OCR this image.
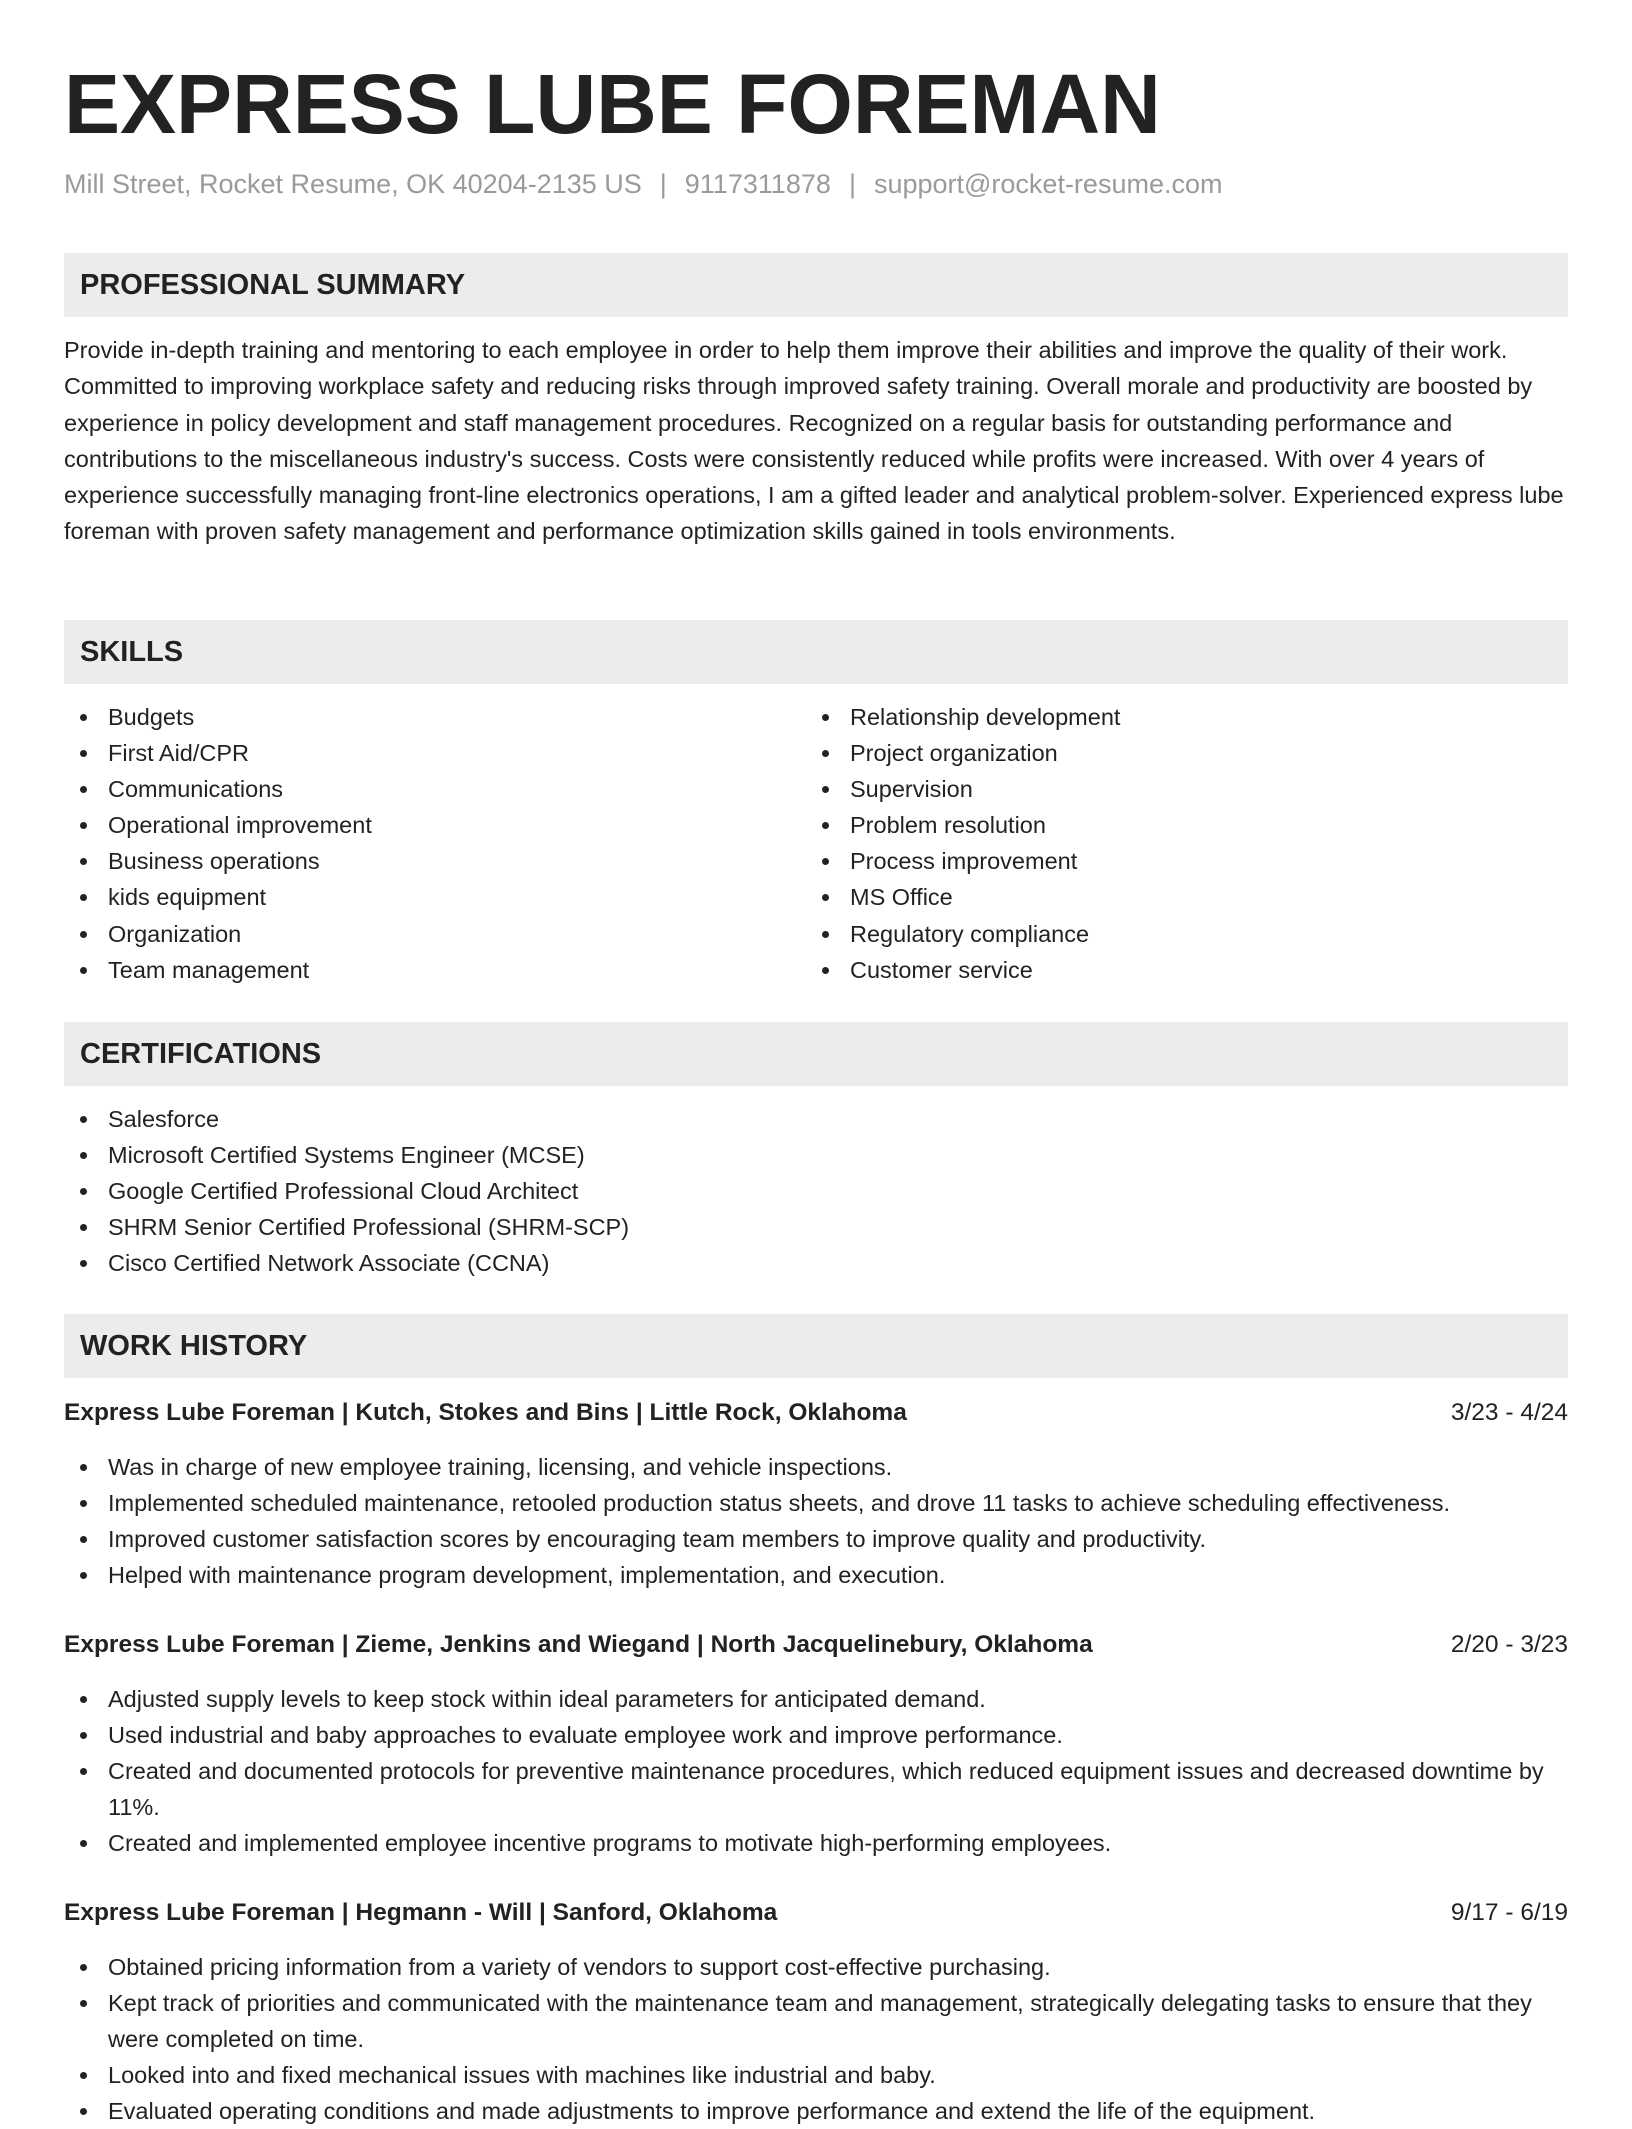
EXPRESS LUBE FOREMAN
Mill Street, Rocket Resume, OK 40204-2135 US | 9117311878 | support@rocket-resume.com
PROFESSIONAL SUMMARY

Provide in-depth training and mentoring to each employee in order to help them improve their abilities and improve the quality of their work. Committed to improving workplace safety and reducing risks through improved safety training. Overall morale and productivity are boosted by experience in policy development and staff management procedures. Recognized on a regular basis for outstanding performance and contributions to the miscellaneous industry's success. Costs were consistently reduced while profits were increased. With over 4 years of experience successfully managing front-line electronics operations, I am a gifted leader and analytical problem-solver. Experienced express lube foreman with proven safety management and performance optimization skills gained in tools environments.

SKILLS
Budgets
First Aid/CPR
Communications
Operational improvement
Business operations
kids equipment
Organization
Team management
Relationship development
Project organization
Supervision
Problem resolution
Process improvement
MS Office
Regulatory compliance
Customer service
CERTIFICATIONS
Salesforce
Microsoft Certified Systems Engineer (MCSE)
Google Certified Professional Cloud Architect
SHRM Senior Certified Professional (SHRM-SCP)
Cisco Certified Network Associate (CCNA)
WORK HISTORY
Express Lube Foreman | Kutch, Stokes and Bins | Little Rock, Oklahoma	3/23 - 4/24
Was in charge of new employee training, licensing, and vehicle inspections.
Implemented scheduled maintenance, retooled production status sheets, and drove 11 tasks to achieve scheduling effectiveness.
Improved customer satisfaction scores by encouraging team members to improve quality and productivity.
Helped with maintenance program development, implementation, and execution.
Express Lube Foreman | Zieme, Jenkins and Wiegand | North Jacquelinebury, Oklahoma	2/20 - 3/23
Adjusted supply levels to keep stock within ideal parameters for anticipated demand.
Used industrial and baby approaches to evaluate employee work and improve performance.
Created and documented protocols for preventive maintenance procedures, which reduced equipment issues and decreased downtime by 11%.
Created and implemented employee incentive programs to motivate high-performing employees.
Express Lube Foreman | Hegmann - Will | Sanford, Oklahoma	9/17 - 6/19
Obtained pricing information from a variety of vendors to support cost-effective purchasing.
Kept track of priorities and communicated with the maintenance team and management, strategically delegating tasks to ensure that they were completed on time.
Looked into and fixed mechanical issues with machines like industrial and baby.
Evaluated operating conditions and made adjustments to improve performance and extend the life of the equipment.
